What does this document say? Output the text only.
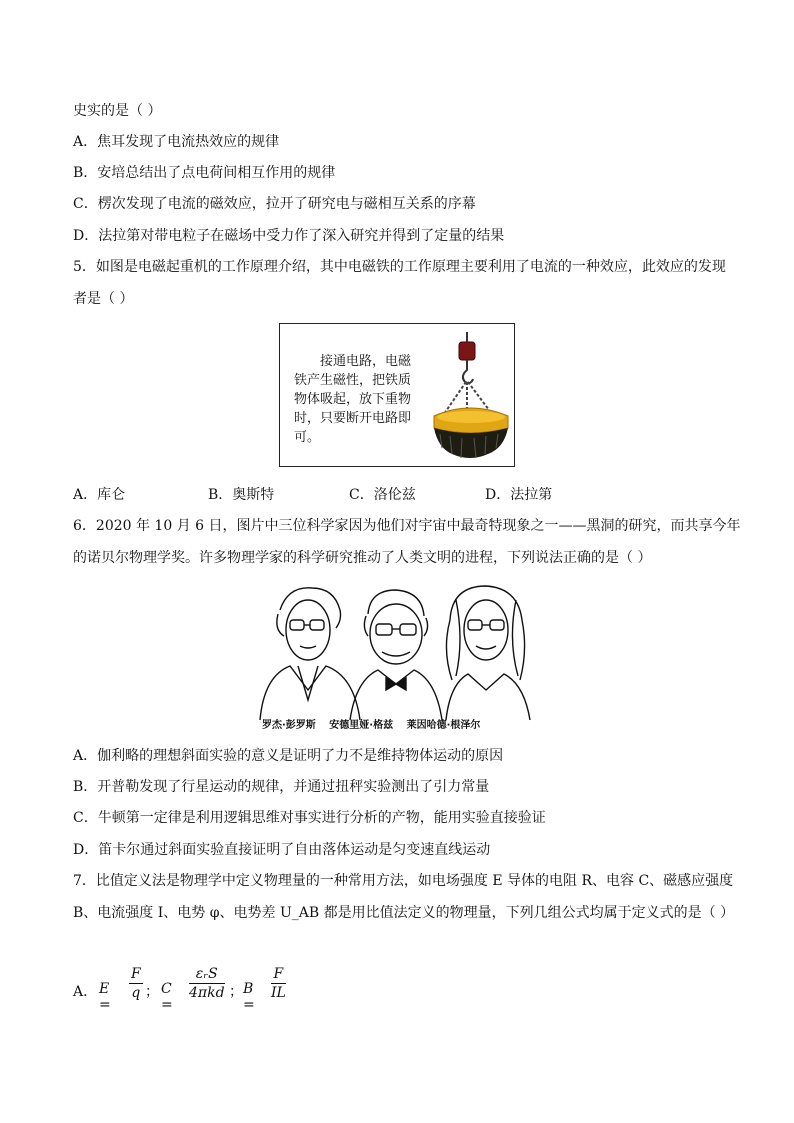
史实的是（ ）
A．焦耳发现了电流热效应的规律
B．安培总结出了点电荷间相互作用的规律
C．楞次发现了电流的磁效应，拉开了研究电与磁相互关系的序幕
D．法拉第对带电粒子在磁场中受力作了深入研究并得到了定量的结果
5．如图是电磁起重机的工作原理介绍，其中电磁铁的工作原理主要利用了电流的一种效应，此效应的发现
者是（ ）
接通电路，电磁铁产生磁性，把铁质物体吸起，放下重物时，只要断开电路即可。
A．库仑	B．奥斯特	C．洛伦兹	D．法拉第
6．2020 年 10 月 6 日，图片中三位科学家因为他们对宇宙中最奇特现象之一——黑洞的研究，而共享今年
的诺贝尔物理学奖。许多物理学家的科学研究推动了人类文明的进程，下列说法正确的是（ ）
罗杰·彭罗斯 安德里娅·格兹 莱因哈德·根泽尔
A．伽利略的理想斜面实验的意义是证明了力不是维持物体运动的原因
B．开普勒发现了行星运动的规律，并通过扭秤实验测出了引力常量
C．牛顿第一定律是利用逻辑思维对事实进行分析的产物，能用实验直接验证
D．笛卡尔通过斜面实验直接证明了自由落体运动是匀变速直线运动
7．比值定义法是物理学中定义物理量的一种常用方法，如电场强度 E 导体的电阻 R、电容 C、磁感应强度
B、电流强度 I、电势 φ、电势差 U_AB 都是用比值法定义的物理量，下列几组公式均属于定义式的是（ ）
A． E =
$\frac{F}{q}$ ； C =
εᵣS
4πkd ； B =
$\frac{F}{IL}$
